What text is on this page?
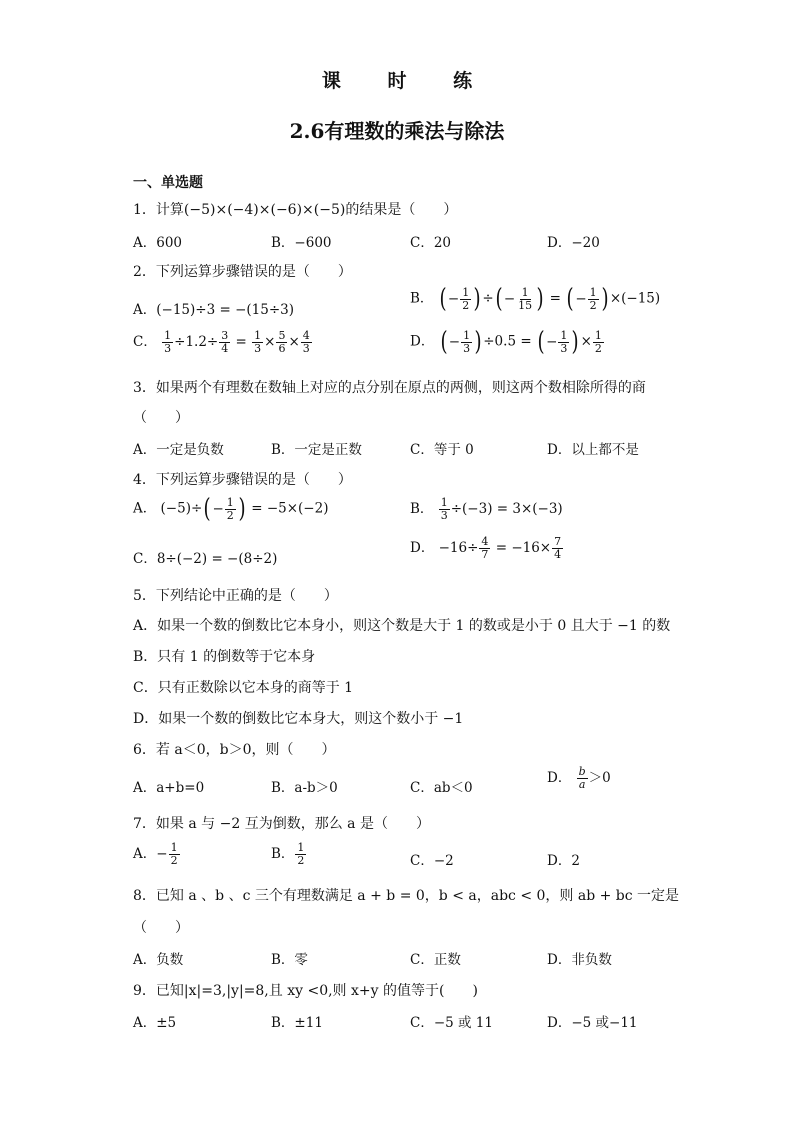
课 时 练
2.6有理数的乘法与除法
一、单选题
1．计算(−5)×(−4)×(−6)×(−5)的结果是（　　）
A．600	B．−600	C．20	D．−20
2．下列运算步骤错误的是（　　）
A．(−15)÷3 = −(15÷3)
B． ( − $\frac{1}{2}$ ) ÷ ( − $\frac{1}{15}$ ) = ( − $\frac{1}{2}$ ) ×(−15)
C． $\frac{1}{3} \div 1.2\div \frac{3}{4} = \frac{1}{3} \times \frac{5}{6} \times \frac{4}{3}$	D． ( − $\frac{1}{3}$ ) ÷0.5 = ( − $\frac{1}{3}$ ) × $\frac{1}{2}$
3．如果两个有理数在数轴上对应的点分别在原点的两侧，则这两个数相除所得的商
（　　）
A．一定是负数	B．一定是正数	C．等于 0	D．以上都不是
4．下列运算步骤错误的是（　　）
A． (−5)÷ ( − $\frac{1}{2}$ ) = −5×(−2)	B． $\frac{1}{3} \div(-3) = 3\times(-3)$
C．8÷(−2) = −(8÷2)
D． $-16\div \frac{4}{7} = -16\times \frac{7}{4}$
5．下列结论中正确的是（　　）
A．如果一个数的倒数比它本身小，则这个数是大于 1 的数或是小于 0 且大于 −1 的数
B．只有 1 的倒数等于它本身
C．只有正数除以它本身的商等于 1
D．如果一个数的倒数比它本身大，则这个数小于 −1
6．若 a＜0，b＞0，则（　　）
A．a+b=0	B．a-b＞0	C．ab＜0
D． $\frac{b}{a} >0$
7．如果 a 与 −2 互为倒数，那么 a 是（　　）
A．− $\frac{1}{2}$	B． $\frac{1}{2}$	C．−2	D．2
8．已知 a 、b 、c 三个有理数满足 a + b = 0，b < a，abc < 0，则 ab + bc 一定是
（　　）
A．负数	B．零	C．正数	D．非负数
9．已知|x|=3,|y|=8,且 xy <0,则 x+y 的值等于(　　)
A．±5	B．±11	C．−5 或 11	D．−5 或−11
